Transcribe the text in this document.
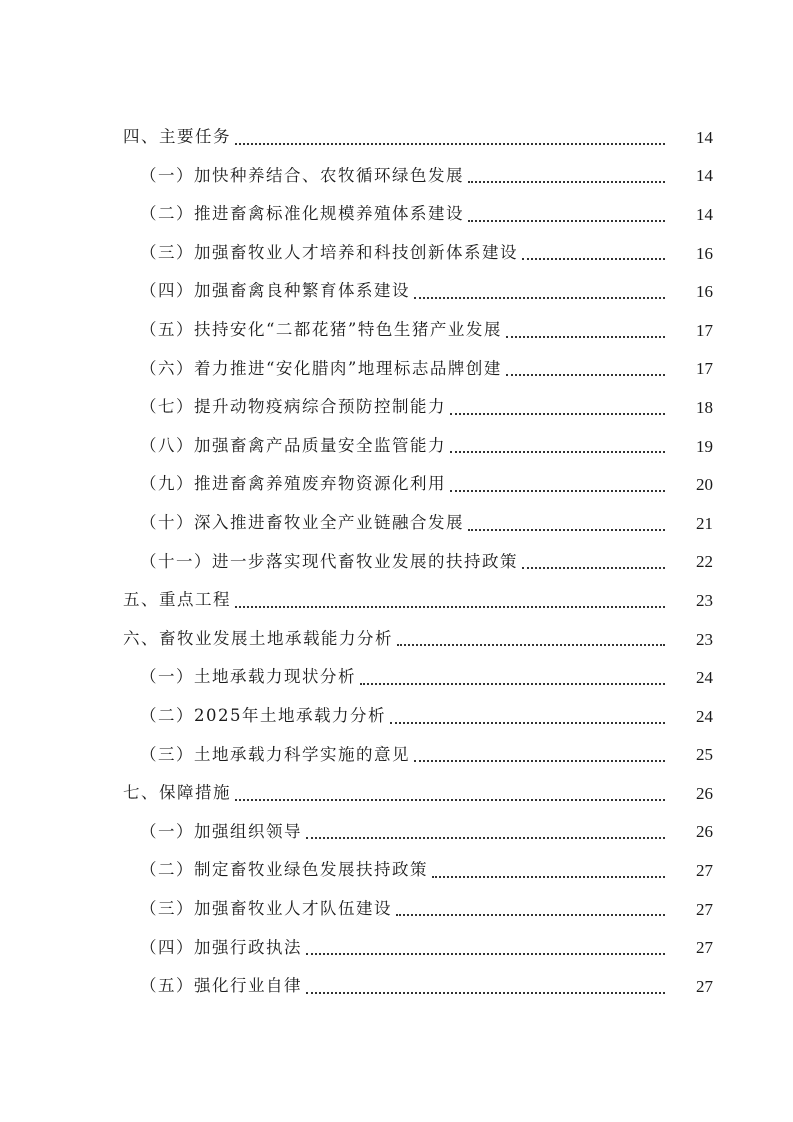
四、主要任务	14
（一）加快种养结合、农牧循环绿色发展	14
（二）推进畜禽标准化规模养殖体系建设	14
（三）加强畜牧业人才培养和科技创新体系建设	16
（四）加强畜禽良种繁育体系建设	16
（五）扶持安化“二都花猪”特色生猪产业发展	17
（六）着力推进“安化腊肉”地理标志品牌创建	17
（七）提升动物疫病综合预防控制能力	18
（八）加强畜禽产品质量安全监管能力	19
（九）推进畜禽养殖废弃物资源化利用	20
（十）深入推进畜牧业全产业链融合发展	21
（十一）进一步落实现代畜牧业发展的扶持政策	22
五、重点工程	23
六、畜牧业发展土地承载能力分析	23
（一）土地承载力现状分析	24
（二）2025年土地承载力分析	24
（三）土地承载力科学实施的意见	25
七、保障措施	26
（一）加强组织领导	26
（二）制定畜牧业绿色发展扶持政策	27
（三）加强畜牧业人才队伍建设	27
（四）加强行政执法	27
（五）强化行业自律	27
